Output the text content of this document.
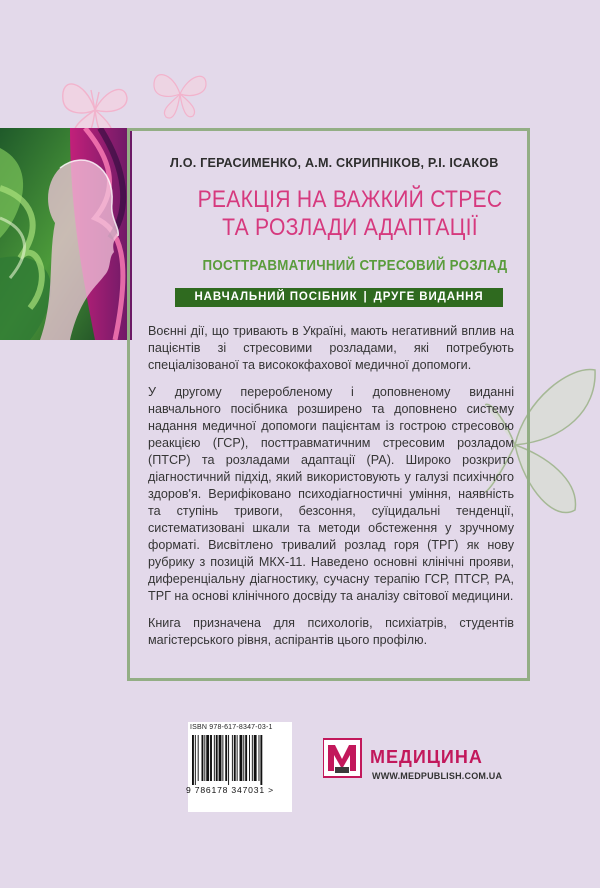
Л.О. ГЕРАСИМЕНКО, А.М. СКРИПНІКОВ, Р.І. ІСАКОВ
РЕАКЦІЯ НА ВАЖКИЙ СТРЕС
ТА РОЗЛАДИ АДАПТАЦІЇ
ПОСТТРАВМАТИЧНИЙ СТРЕСОВИЙ РОЗЛАД
НАВЧАЛЬНИЙ ПОСІБНИК | ДРУГЕ ВИДАННЯ

Воєнні дії, що тривають в Україні, мають негативний вплив на пацієнтів зі стресовими розладами, які потребують спеціалізованої та висококфахової медичної допомоги.

У другому переробленому і доповненому виданні навчального посібника розширено та доповнено систему надання медичної допомоги пацієнтам із гострою стресовою реакцією (ГСР), посттравматичним стресовим розладом (ПТСР) та розладами адаптації (РА). Широко розкрито діагностичний підхід, який використовують у галузі психічного здоров'я. Верифіковано психодіагностичні уміння, наявність та ступінь тривоги, безсоння, суїцидальні тенденції, систематизовані шкали та методи обстеження у зручному форматі. Висвітлено тривалий розлад горя (ТРГ) як нову рубрику з позицій МКХ-11. Наведено основні клінічні прояви, диференціальну діагностику, сучасну терапію ГСР, ПТСР, РА, ТРГ на основі клінічного досвіду та аналізу світової медицини.

Книга призначена для психологів, психіатрів, студентів магістерського рівня, аспірантів цього профілю.

ISBN 978-617-8347-03-1
9 786178 347031 >
МЕДИЦИНА
WWW.MEDPUBLISH.COM.UA
